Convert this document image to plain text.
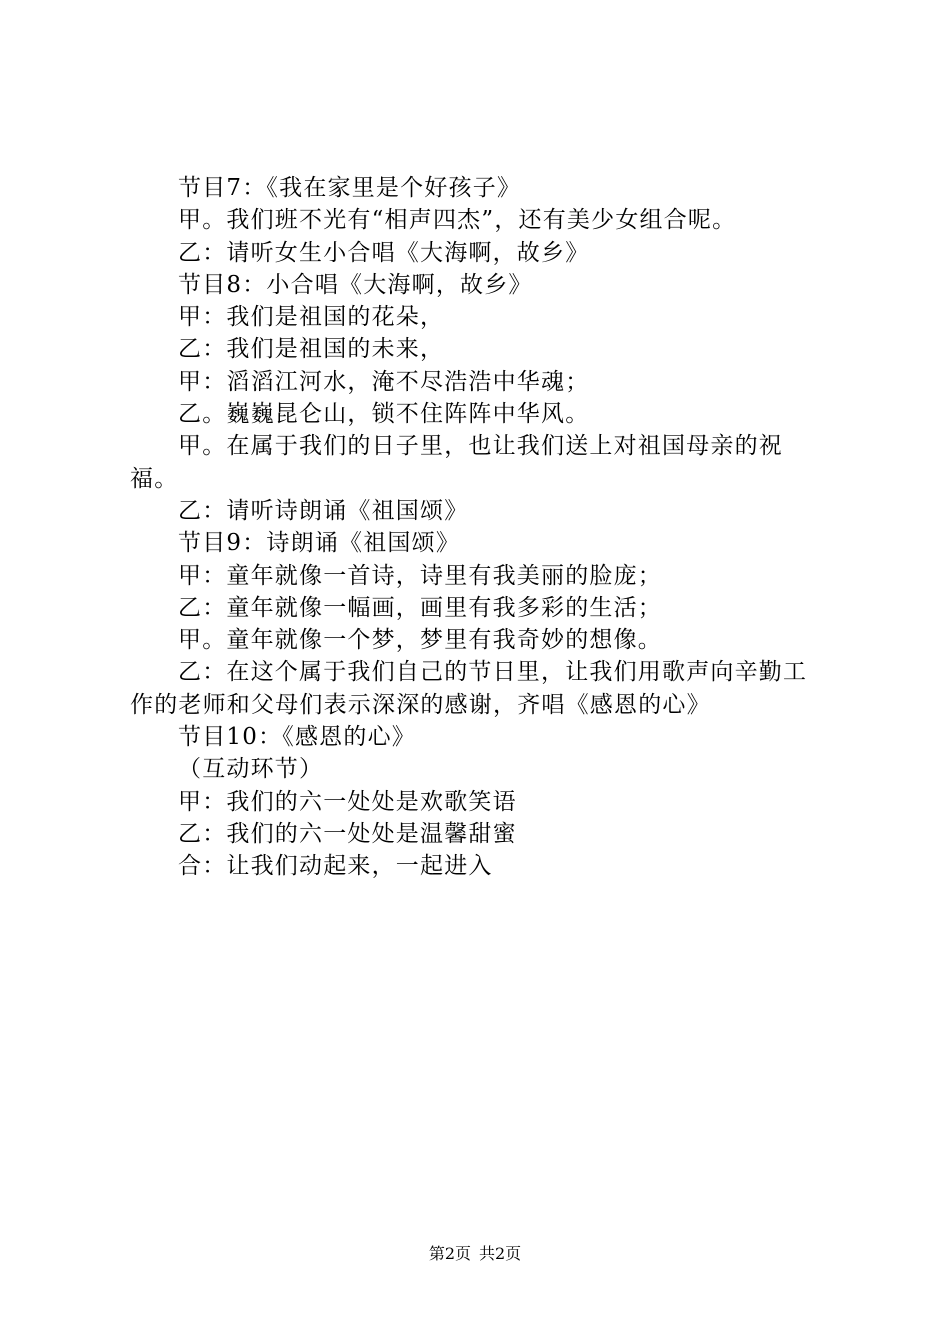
节目7：《我在家里是个好孩子》

甲。我们班不光有“相声四杰”，还有美少女组合呢。

乙：请听女生小合唱《大海啊，故乡》

节目8：小合唱《大海啊，故乡》

甲：我们是祖国的花朵，

乙：我们是祖国的未来，

甲：滔滔江河水，淹不尽浩浩中华魂；

乙。巍巍昆仑山，锁不住阵阵中华风。

甲。在属于我们的日子里，也让我们送上对祖国母亲的祝福。

乙：请听诗朗诵《祖国颂》

节目9：诗朗诵《祖国颂》

甲：童年就像一首诗，诗里有我美丽的脸庞；

乙：童年就像一幅画，画里有我多彩的生活；

甲。童年就像一个梦，梦里有我奇妙的想像。

乙：在这个属于我们自己的节日里，让我们用歌声向辛勤工作的老师和父母们表示深深的感谢，齐唱《感恩的心》

节目10：《感恩的心》

（互动环节）

甲：我们的六一处处是欢歌笑语

乙：我们的六一处处是温馨甜蜜

合：让我们动起来，一起进入

第2页 共2页
